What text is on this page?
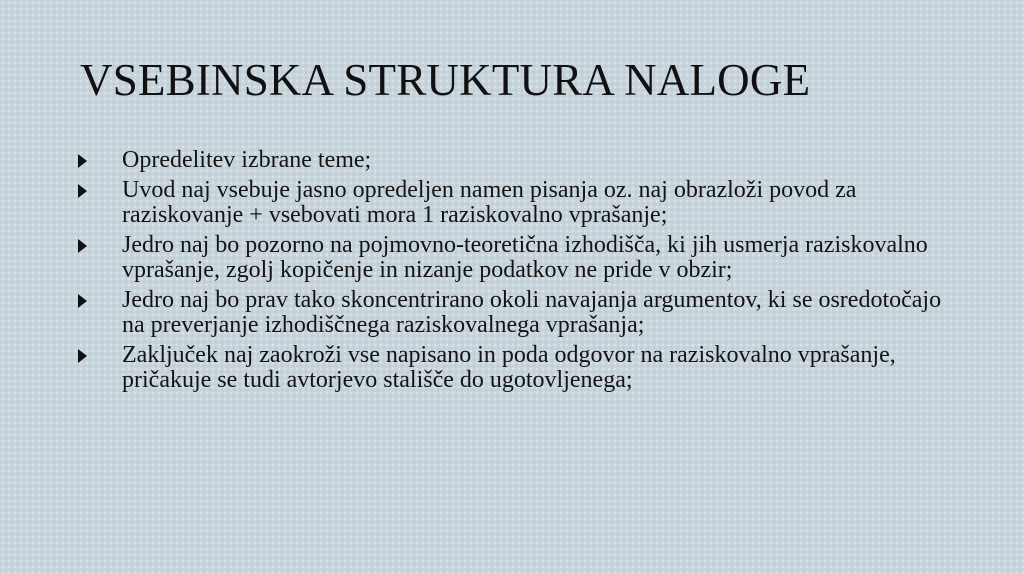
VSEBINSKA STRUKTURA NALOGE
Opredelitev izbrane teme;
Uvod naj vsebuje jasno opredeljen namen pisanja oz. naj obrazloži povod za raziskovanje + vsebovati mora 1 raziskovalno vprašanje;
Jedro naj bo pozorno na pojmovno-teoretična izhodišča, ki jih usmerja raziskovalno vprašanje, zgolj kopičenje in nizanje podatkov ne pride v obzir;
Jedro naj bo prav tako skoncentrirano okoli navajanja argumentov, ki se osredotočajo na preverjanje izhodiščnega raziskovalnega vprašanja;
Zaključek naj zaokroži vse napisano in poda odgovor na raziskovalno vprašanje, pričakuje se tudi avtorjevo stališče do ugotovljenega;
